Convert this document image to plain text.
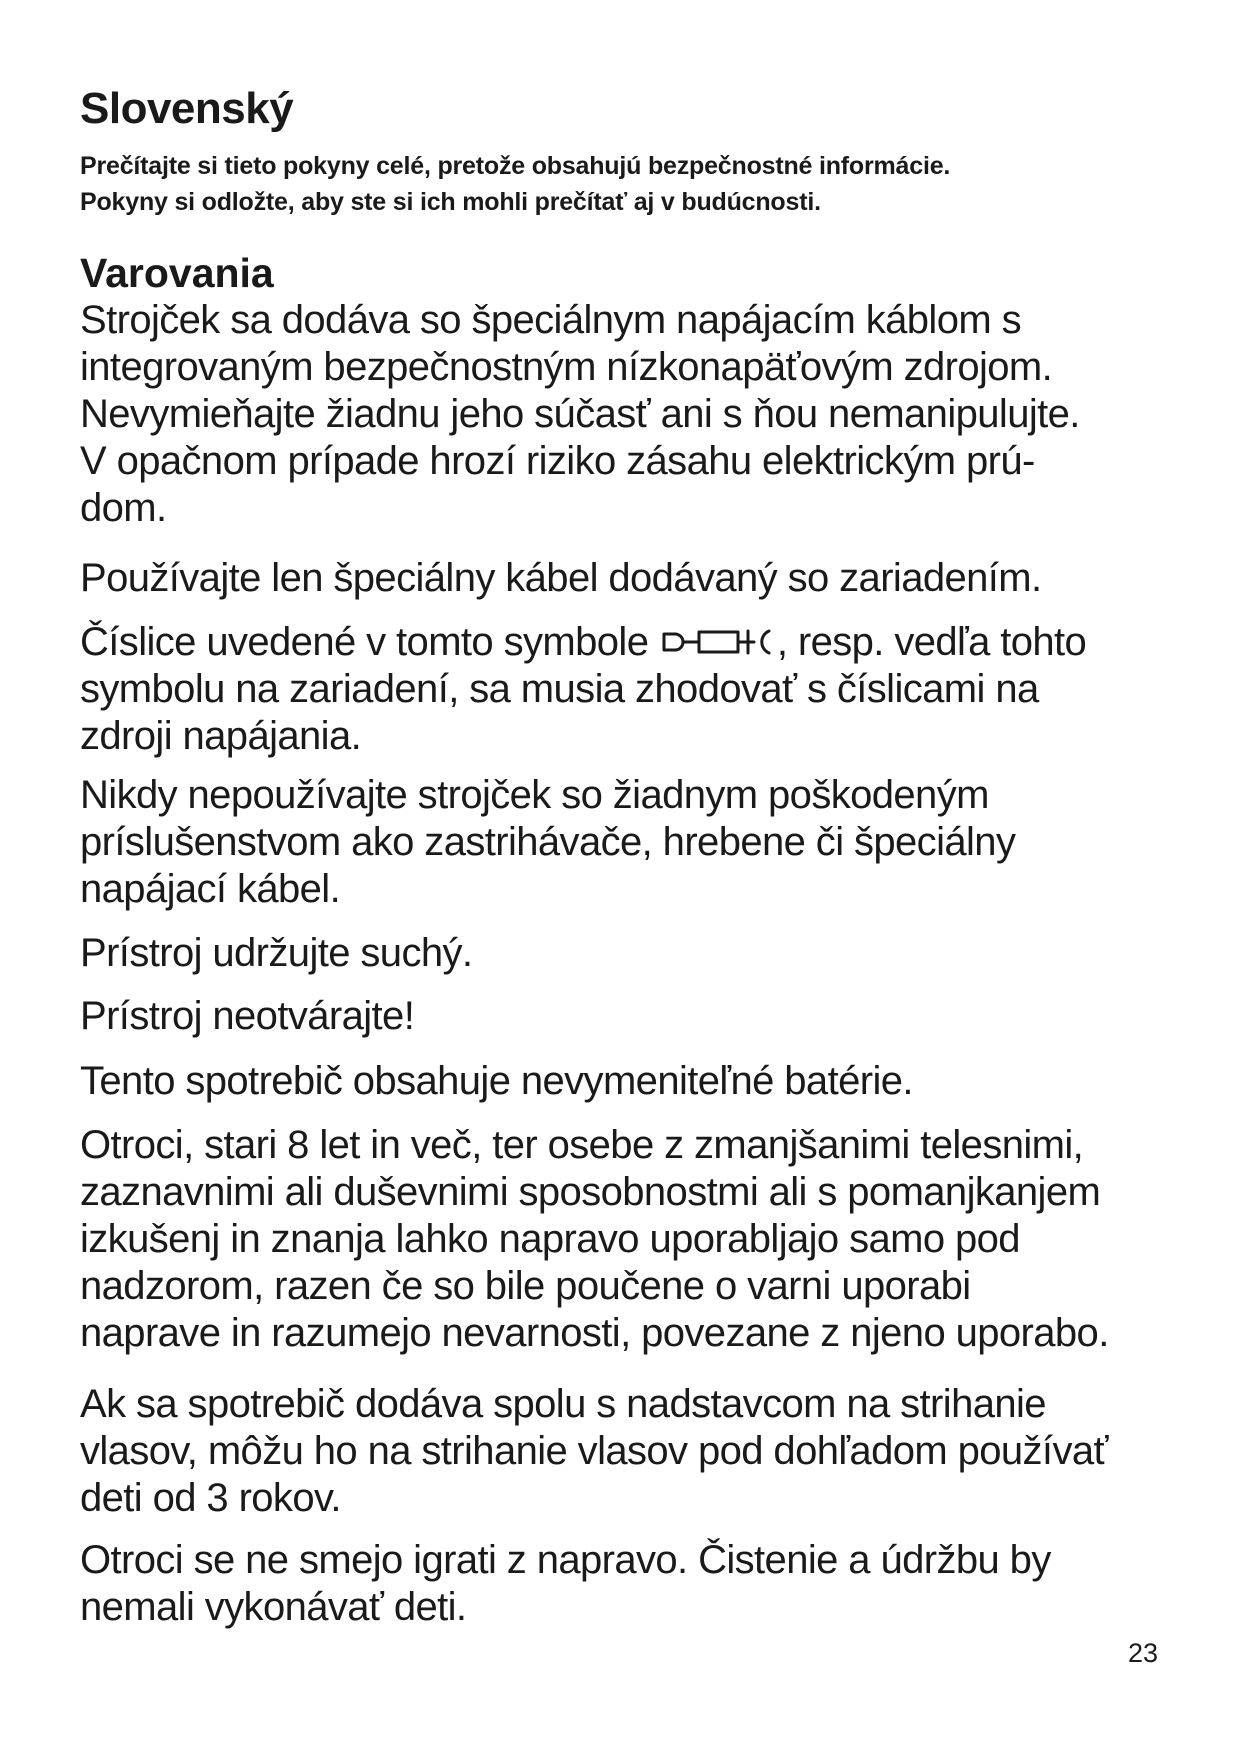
Slovenský

Prečítajte si tieto pokyny celé, pretože obsahujú bezpečnostné informácie.
Pokyny si odložte, aby ste si ich mohli prečítať aj v budúcnosti.

Varovania

Strojček sa dodáva so špeciálnym napájacím káblom s
integrovaným bezpečnostným nízkonapäťovým zdrojom.
Nevymieňajte žiadnu jeho súčasť ani s ňou nemanipulujte.
V opačnom prípade hrozí riziko zásahu elektrickým prú-
dom.

Používajte len špeciálny kábel dodávaný so zariadením.

Číslice uvedené v tomto symbole	, resp. vedľa tohto
symbolu na zariadení, sa musia zhodovať s číslicami na
zdroji napájania.

Nikdy nepoužívajte strojček so žiadnym poškodeným
príslušenstvom ako zastrihávače, hrebene či špeciálny
napájací kábel.

Prístroj udržujte suchý.

Prístroj neotvárajte!

Tento spotrebič obsahuje nevymeniteľné batérie.

Otroci, stari 8 let in več, ter osebe z zmanjšanimi telesnimi,
zaznavnimi ali duševnimi sposobnostmi ali s pomanjkanjem
izkušenj in znanja lahko napravo uporabljajo samo pod
nadzorom, razen če so bile poučene o varni uporabi
naprave in razumejo nevarnosti, povezane z njeno uporabo.

Ak sa spotrebič dodáva spolu s nadstavcom na strihanie
vlasov, môžu ho na strihanie vlasov pod dohľadom používať
deti od 3 rokov.

Otroci se ne smejo igrati z napravo. Čistenie a údržbu by
nemali vykonávať deti.

23
